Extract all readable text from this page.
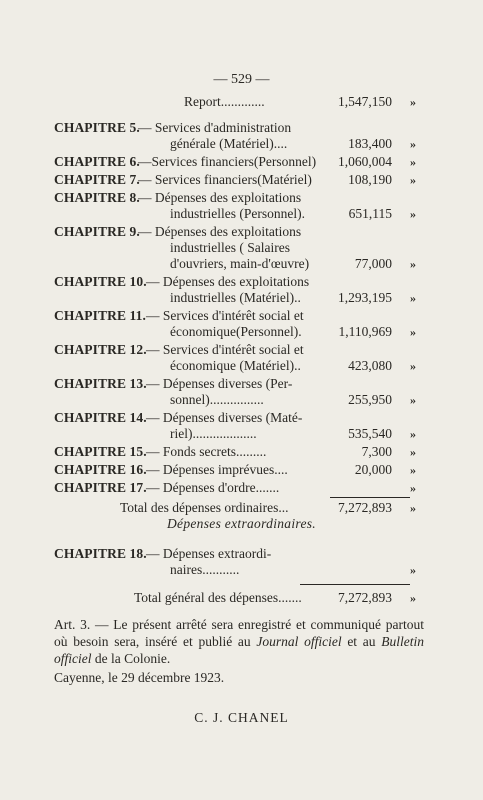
— 529 —
Report.............	1,547,150 »
CHAPITRE 5.
— Services d'administration
générale (Matériel)....	183,400 »
CHAPITRE 6.
—Services financiers(Personnel) 1,060,004 »
CHAPITRE 7.
— Services financiers(Matériel)	108,190 »
CHAPITRE 8.
— Dépenses des exploitations
industrielles (Personnel).	651,115 »
CHAPITRE 9.
— Dépenses des exploitations
industrielles ( Salaires
d'ouvriers, main-d'œuvre)	77,000 »
CHAPITRE 10. — Dépenses des exploitations
industrielles (Matériel)..	1,293,195 »
CHAPITRE 11. — Services d'intérêt social et
économique(Personnel).	1,110,969 »
CHAPITRE 12. — Services d'intérêt social et
économique (Matériel)..	423,080 »
CHAPITRE 13. — Dépenses diverses (Per-
sonnel)................	255,950 »
CHAPITRE 14. — Dépenses diverses (Maté-
riel)...................	535,540 »
CHAPITRE 15. — Fonds secrets.........	7,300 »
CHAPITRE 16. — Dépenses imprévues....	20,000 »
CHAPITRE 17. — Dépenses d'ordre.......	»
Total des dépenses ordinaires...	7,272,893 »
CHAPITRE 18. — Dépenses extraordi-
naires...........	»
Total général des dépenses.......	7,272,893 »
Dépenses extraordinaires.
Art. 3. — Le présent arrêté sera enregistré et communiqué partout où besoin sera, inséré et publié au Journal officiel et au Bulletin officiel de la Colonie.
Cayenne, le 29 décembre 1923.
C. J. CHANEL
